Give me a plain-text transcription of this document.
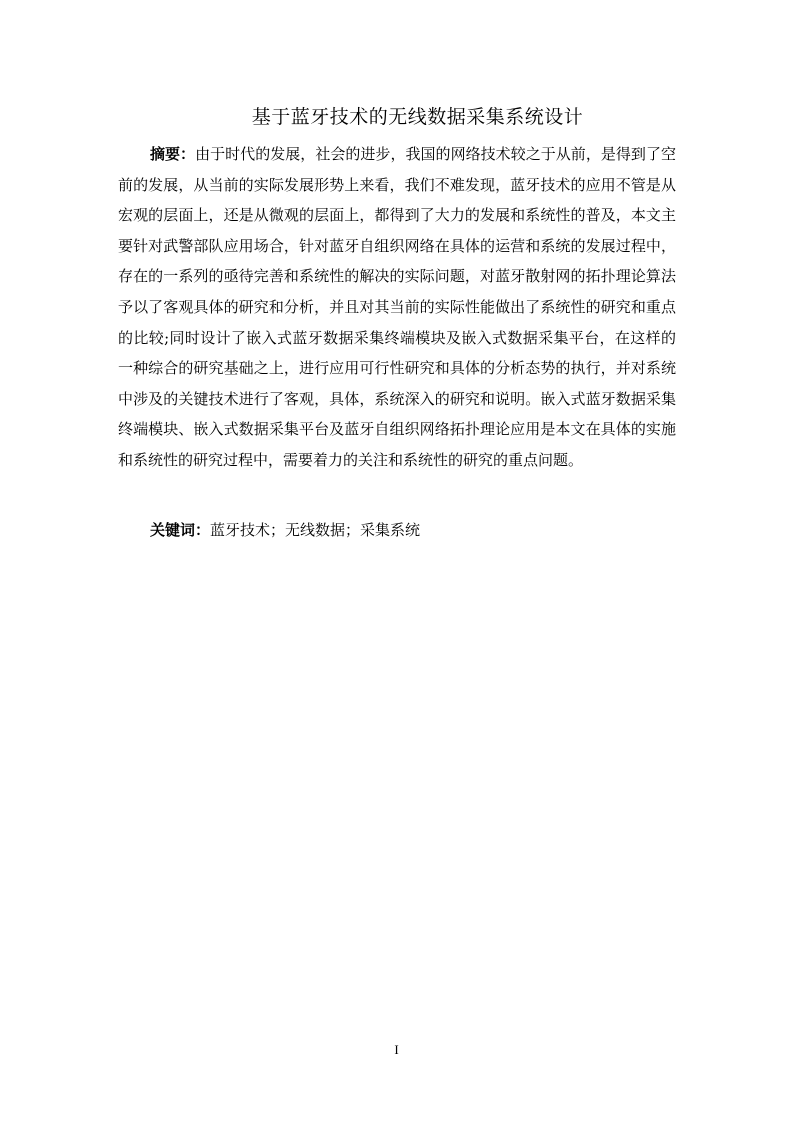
基于蓝牙技术的无线数据采集系统设计

摘要：由于时代的发展，社会的进步，我国的网络技术较之于从前，是得到了空前的发展，从当前的实际发展形势上来看，我们不难发现，蓝牙技术的应用不管是从宏观的层面上，还是从微观的层面上，都得到了大力的发展和系统性的普及，本文主要针对武警部队应用场合，针对蓝牙自组织网络在具体的运营和系统的发展过程中，存在的一系列的亟待完善和系统性的解决的实际问题，对蓝牙散射网的拓扑理论算法予以了客观具体的研究和分析，并且对其当前的实际性能做出了系统性的研究和重点的比较;同时设计了嵌入式蓝牙数据采集终端模块及嵌入式数据采集平台，在这样的一种综合的研究基础之上，进行应用可行性研究和具体的分析态势的执行，并对系统中涉及的关键技术进行了客观，具体，系统深入的研究和说明。嵌入式蓝牙数据采集终端模块、嵌入式数据采集平台及蓝牙自组织网络拓扑理论应用是本文在具体的实施和系统性的研究过程中，需要着力的关注和系统性的研究的重点问题。

关键词：蓝牙技术；无线数据；采集系统

I
